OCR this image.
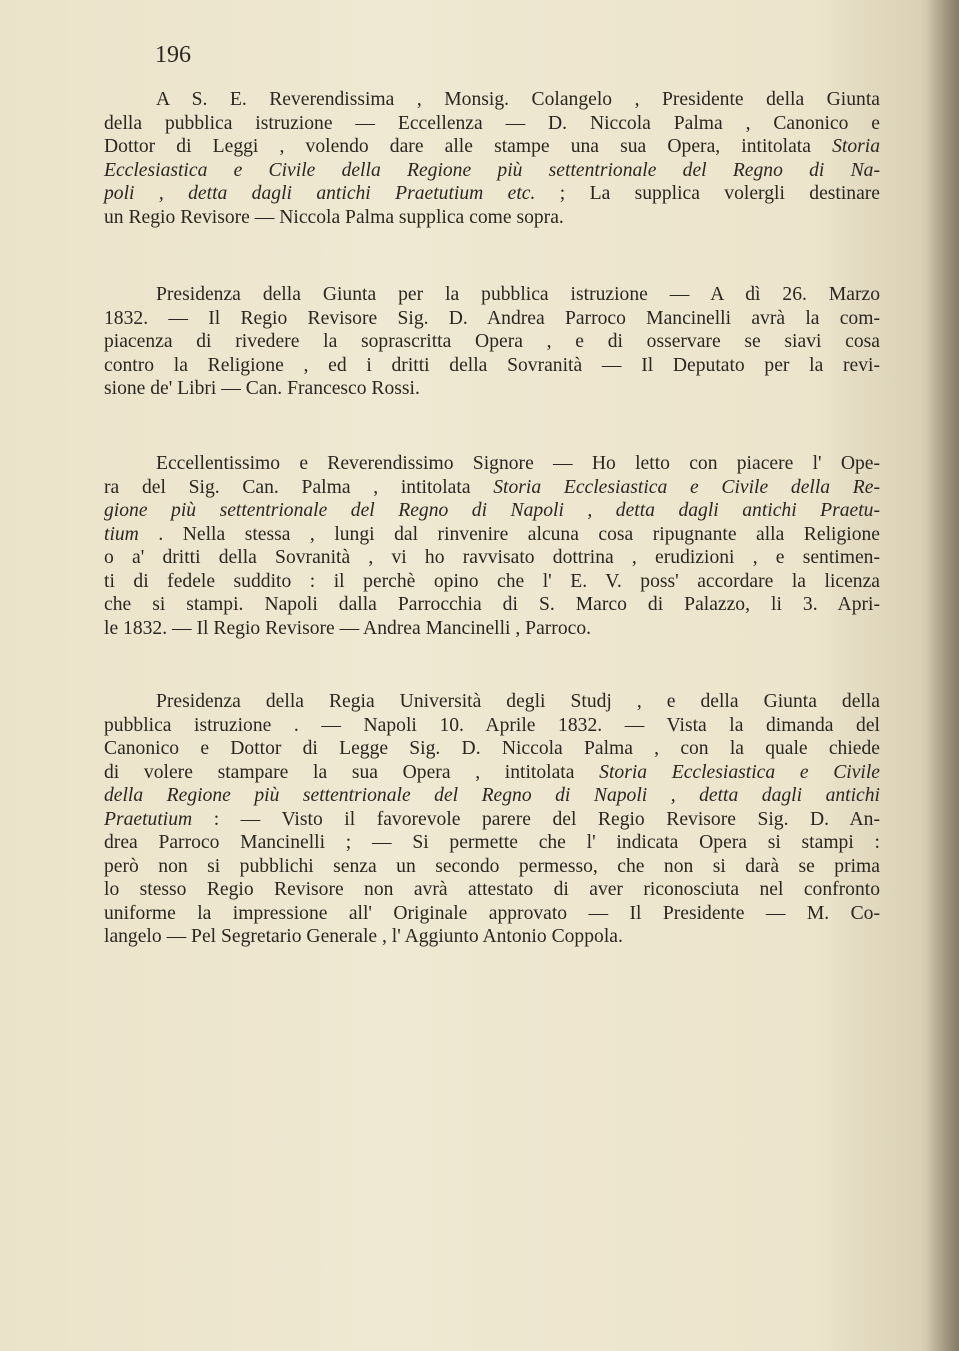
196
A S. E. Reverendissima , Monsig. Colangelo , Presidente della Giunta
della pubblica istruzione — Eccellenza — D. Niccola Palma , Canonico e
Dottor di Leggi , volendo dare alle stampe una sua Opera, intitolata Storia
Ecclesiastica e Civile della Regione più settentrionale del Regno di Na-
poli , detta dagli antichi Praetutium etc. ; La supplica volergli destinare
un Regio Revisore — Niccola Palma supplica come sopra.
Presidenza della Giunta per la pubblica istruzione — A dì 26. Marzo
1832. — Il Regio Revisore Sig. D. Andrea Parroco Mancinelli avrà la com-
piacenza di rivedere la soprascritta Opera , e di osservare se siavi cosa
contro la Religione , ed i dritti della Sovranità — Il Deputato per la revi-
sione de' Libri — Can. Francesco Rossi.
Eccellentissimo e Reverendissimo Signore — Ho letto con piacere l' Ope-
ra del Sig. Can. Palma , intitolata Storia Ecclesiastica e Civile della Re-
gione più settentrionale del Regno di Napoli , detta dagli antichi Praetu-
tium . Nella stessa , lungi dal rinvenire alcuna cosa ripugnante alla Religione
o a' dritti della Sovranità , vi ho ravvisato dottrina , erudizioni , e sentimen-
ti di fedele suddito : il perchè opino che l' E. V. poss' accordare la licenza
che si stampi. Napoli dalla Parrocchia di S. Marco di Palazzo, li 3. Apri-
le 1832. — Il Regio Revisore — Andrea Mancinelli , Parroco.
Presidenza della Regia Università degli Studj , e della Giunta della
pubblica istruzione . — Napoli 10. Aprile 1832. — Vista la dimanda del
Canonico e Dottor di Legge Sig. D. Niccola Palma , con la quale chiede
di volere stampare la sua Opera , intitolata Storia Ecclesiastica e Civile
della Regione più settentrionale del Regno di Napoli , detta dagli antichi
Praetutium : — Visto il favorevole parere del Regio Revisore Sig. D. An-
drea Parroco Mancinelli ; — Si permette che l' indicata Opera si stampi :
però non si pubblichi senza un secondo permesso, che non si darà se prima
lo stesso Regio Revisore non avrà attestato di aver riconosciuta nel confronto
uniforme la impressione all' Originale approvato — Il Presidente — M. Co-
langelo — Pel Segretario Generale , l' Aggiunto Antonio Coppola.
